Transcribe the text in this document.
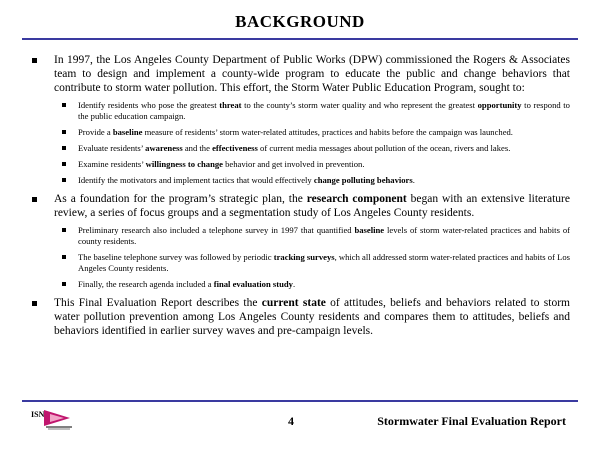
BACKGROUND
In 1997, the Los Angeles County Department of Public Works (DPW) commissioned the Rogers & Associates team to design and implement a county-wide program to educate the public and change behaviors that contribute to storm water pollution. This effort, the Storm Water Public Education Program, sought to:
Identify residents who pose the greatest threat to the county’s storm water quality and who represent the greatest opportunity to respond to the public education campaign.
Provide a baseline measure of residents’ storm water-related attitudes, practices and habits before the campaign was launched.
Evaluate residents’ awareness and the effectiveness of current media messages about pollution of the ocean, rivers and lakes.
Examine residents’ willingness to change behavior and get involved in prevention.
Identify the motivators and implement tactics that would effectively change polluting behaviors.
As a foundation for the program’s strategic plan, the research component began with an extensive literature review, a series of focus groups and a segmentation study of Los Angeles County residents.
Preliminary research also included a telephone survey in 1997 that quantified baseline levels of storm water-related practices and habits of county residents.
The baseline telephone survey was followed by periodic tracking surveys, which all addressed storm water-related practices and habits of Los Angeles County residents.
Finally, the research agenda included a final evaluation study.
This Final Evaluation Report describes the current state of attitudes, beliefs and behaviors related to storm water pollution prevention among Los Angeles County residents and compares them to attitudes, beliefs and behaviors identified in earlier survey waves and pre-campaign levels.
ISN	4	Stormwater Final Evaluation Report
